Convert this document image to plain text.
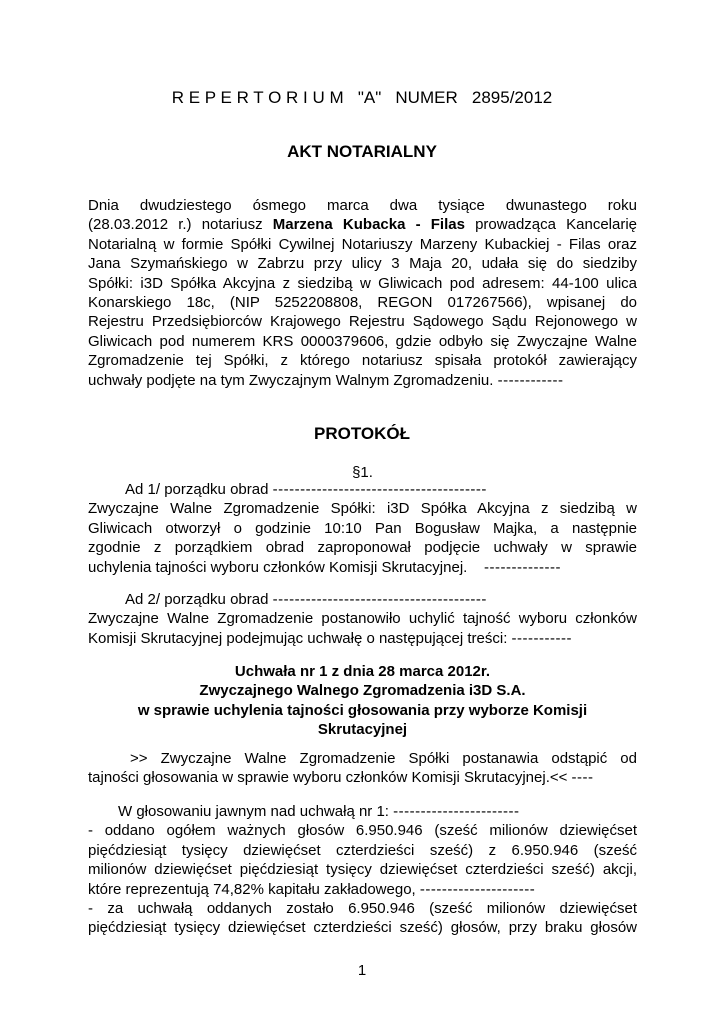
R E P E R T O R I U M   "A"   NUMER   2895/2012
AKT NOTARIALNY
Dnia dwudziestego ósmego marca dwa tysiące dwunastego roku
(28.03.2012 r.) notariusz Marzena Kubacka - Filas prowadząca Kancelarię
Notarialną w formie Spółki Cywilnej Notariuszy Marzeny Kubackiej - Filas oraz
Jana Szymańskiego w Zabrzu przy ulicy 3 Maja 20, udała się do siedziby
Spółki: i3D Spółka Akcyjna z siedzibą w Gliwicach pod adresem: 44-100 ulica
Konarskiego 18c, (NIP 5252208808, REGON 017267566), wpisanej do
Rejestru Przedsiębiorców Krajowego Rejestru Sądowego Sądu Rejonowego w
Gliwicach pod numerem KRS 0000379606, gdzie odbyło się Zwyczajne Walne
Zgromadzenie tej Spółki, z którego notariusz spisała protokół zawierający
uchwały podjęte na tym Zwyczajnym Walnym Zgromadzeniu. ------------
PROTOKÓŁ
§1.
Ad 1/ porządku obrad ---------------------------------------
Zwyczajne Walne Zgromadzenie Spółki: i3D Spółka Akcyjna z siedzibą w
Gliwicach otworzył o godzinie 10:10 Pan Bogusław Majka, a następnie
zgodnie z porządkiem obrad zaproponował podjęcie uchwały w sprawie
uchylenia tajności wyboru członków Komisji Skrutacyjnej. --------------
Ad 2/ porządku obrad ---------------------------------------
Zwyczajne Walne Zgromadzenie postanowiło uchylić tajność wyboru członków
Komisji Skrutacyjnej podejmując uchwałę o następującej treści: -----------
Uchwała nr 1 z dnia 28 marca 2012r.
Zwyczajnego Walnego Zgromadzenia i3D S.A.
w sprawie uchylenia tajności głosowania przy wyborze Komisji
Skrutacyjnej
>> Zwyczajne Walne Zgromadzenie Spółki postanawia odstąpić od
tajności głosowania w sprawie wyboru członków Komisji Skrutacyjnej.<< ----
W głosowaniu jawnym nad uchwałą nr 1: -----------------------
- oddano ogółem ważnych głosów 6.950.946 (sześć milionów dziewięćset
pięćdziesiąt tysięcy dziewięćset czterdzieści sześć) z 6.950.946 (sześć
milionów dziewięćset pięćdziesiąt tysięcy dziewięćset czterdzieści sześć) akcji,
które reprezentują 74,82% kapitału zakładowego, ---------------------
- za uchwałą oddanych zostało 6.950.946 (sześć milionów dziewięćset
pięćdziesiąt tysięcy dziewięćset czterdzieści sześć) głosów, przy braku głosów
1
